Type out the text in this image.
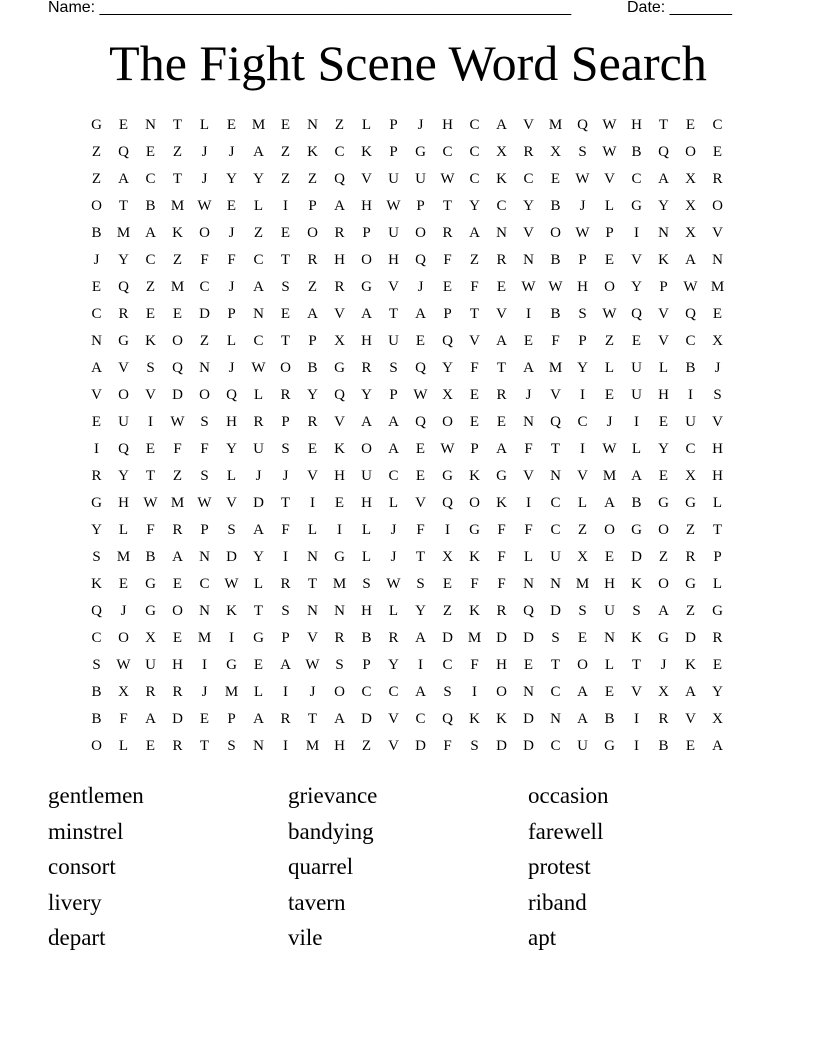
Name: _____________________________________________________	Date: _______
The Fight Scene Word Search
G	E	N	T	L	E	M	E	N	Z	L	P	J	H	C	A	V M Q W H	T	E	C
Z	Q	E	Z	J	J	A	Z	K	C	K	P	G	C	C	X	R	X	S	W B	Q	O	E
Z	A	C	T	J	Y	Y	Z	Z	Q	V	U	U W C	K	C	E	W V	C	A	X	R
O	T	B	M W	E	L	I	P	A	H W	P	T	Y	C	Y	B	J	L	G	Y	X	O
B	M A	K	O	J	Z	E	O	R	P	U	O	R	A	N	V	O W	P	I	N	X	V
J	Y	C	Z	F	F	C	T	R	H	O	H	Q	F	Z	R	N	B	P	E	V	K	A	N
E	Q	Z	M	C	J	A	S	Z	R	G	V	J	E	F	E	W W H	O	Y	P	W M
C	R	E	E	D	P	N	E	A	V	A	T	A	P	T	V	I	B	S	W Q	V	Q	E
N	G	K	O	Z	L	C	T	P	X	H	U	E	Q	V	A	E	F	P	Z	E	V	C	X
A	V	S	Q	N	J	W O	B	G	R	S	Q	Y	F	T	A M Y	L	U	L	B	J
V	O	V	D	O	Q	L	R	Y	Q	Y	P	W X	E	R	J	V	I	E	U	H	I	S
E	U	I	W	S	H	R	P	R	V	A	A	Q	O	E	E	N	Q	C	J	I	E	U	V
I	Q	E	F	F	Y	U	S	E	K	O	A	E	W	P	A	F	T	I	W	L	Y	C	H
R	Y	T	Z	S	L	J	J	V	H	U	C	E	G	K	G	V	N	V M A	E	X	H
G	H W M W V	D	T	I	E	H	L	V	Q	O	K	I	C	L	A	B	G	G	L
Y	L	F	R	P	S	A	F	L	I	L	J	F	I	G	F	F	C	Z	O	G	O	Z	T
S	M	B	A	N	D	Y	I	N	G	L	J	T	X	K	F	L	U	X	E	D	Z	R	P
K	E	G	E	C W	L	R	T	M	S	W	S	E	F	F	N	N M H	K	O	G	L
Q	J	G	O	N	K	T	S	N	N	H	L	Y	Z	K	R	Q	D	S	U	S	A	Z	G
C	O	X	E	M	I	G	P	V	R	B	R	A	D M D	D	S	E	N	K	G	D	R
S	W U	H	I	G	E	A W	S	P	Y	I	C	F	H	E	T	O	L	T	J	K	E
B	X	R	R	J	M	L	I	J	O	C	C	A	S	I	O	N	C	A	E	V	X	A	Y
B	F	A	D	E	P	A	R	T	A	D	V	C	Q	K	K	D	N	A	B	I	R	V	X
O	L	E	R	T	S	N	I	M H	Z	V	D	F	S	D	D	C	U	G	I	B	E	A
gentlemen	grievance	occasion
minstrel	bandying	farewell
consort	quarrel	protest
livery	tavern	riband
depart	vile	apt
